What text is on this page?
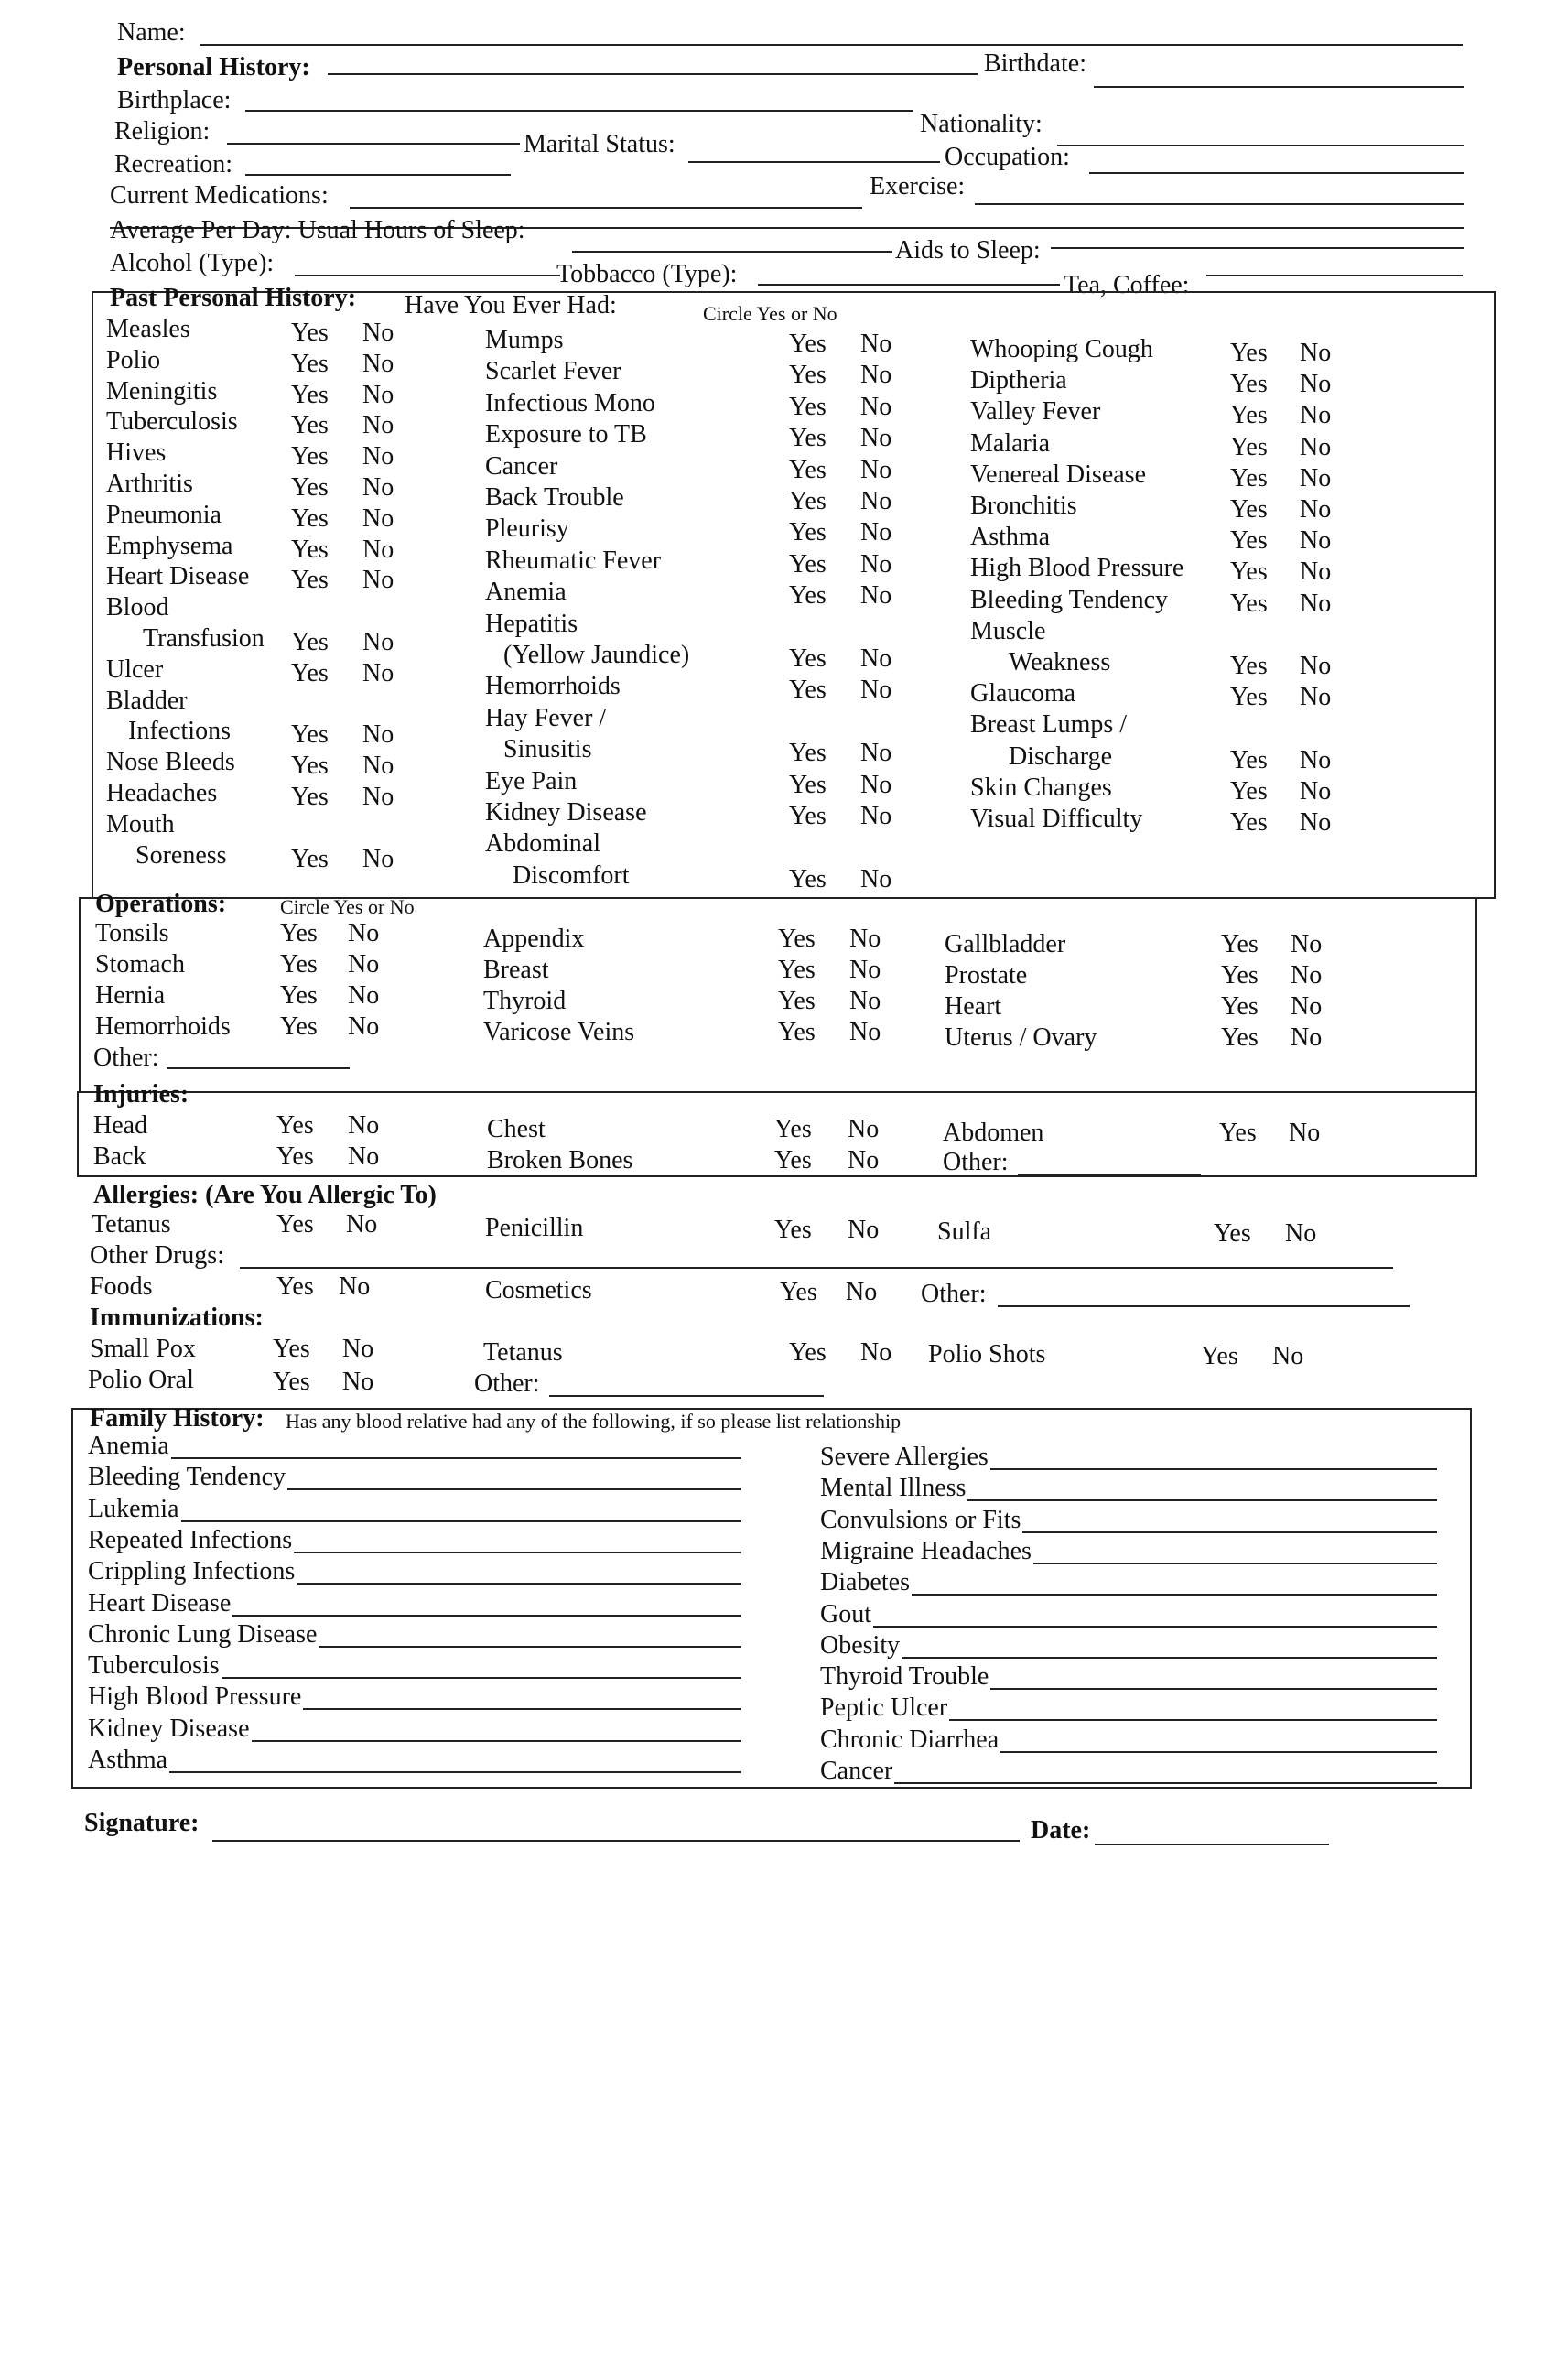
Name:
Personal History:	Birthdate:
Birthplace:
Nationality:
Religion:	Marital Status:
Recreation:	Occupation:
Exercise:
Current Medications:
Average Per Day: Usual Hours of Sleep:
Aids to Sleep:
Alcohol (Type):	Tobbacco (Type):	Tea, Coffee:
Past Personal History: Have You Ever Had:	Circle Yes or No
Measles	Yes No
Polio	Yes No
Meningitis	Yes No
Tuberculosis Yes No
Hives	Yes No
Arthritis	Yes No
Pneumonia	Yes No
Emphysema Yes No
Heart Disease Yes No
Blood
Transfusion Yes No
Ulcer	Yes No
Bladder
Infections Yes No
Nose Bleeds Yes No
Headaches	Yes No
Mouth
Soreness	Yes No
Mumps	Yes No
Scarlet Fever	Yes No
Infectious Mono	Yes No
Exposure to TB	Yes No
Cancer	Yes No
Back Trouble	Yes No
Pleurisy	Yes No
Rheumatic Fever	Yes No
Anemia	Yes No
Hepatitis
(Yellow Jaundice)	Yes No
Hemorrhoids	Yes No
Hay Fever /
Sinusitis	Yes No
Eye Pain	Yes No
Kidney Disease	Yes No
Abdominal
Discomfort	Yes No
Whooping Cough	Yes No
Diptheria	Yes No
Valley Fever	Yes No
Malaria	Yes No
Venereal Disease	Yes No
Bronchitis	Yes No
Asthma	Yes No
High Blood Pressure Yes No
Bleeding Tendency Yes No
Muscle
Weakness	Yes No
Glaucoma	Yes No
Breast Lumps /
Discharge	Yes No
Skin Changes	Yes No
Visual Difficulty	Yes No
Operations:	Circle Yes or No
Other:
Tonsils	Yes No
Stomach	Yes No
Hernia	Yes No
Hemorrhoids Yes No
Appendix	Yes No
Breast	Yes No
Thyroid	Yes No
Varicose Veins	Yes No
Gallbladder	Yes No
Prostate	Yes No
Heart	Yes No
Uterus / Ovary	Yes No
Injuries:
Other:
Head	Yes No
Back	Yes No
Chest	Yes No
Broken Bones	Yes No
Abdomen	Yes No
Allergies: (Are You Allergic To)
Tetanus	Yes No	Penicillin	Yes No Sulfa	Yes No
Other Drugs:
Foods	Yes No	Cosmetics	Yes No Other:
Immunizations:
Small Pox	Yes No	Tetanus	Yes No Polio Shots	Yes No
Polio Oral	Yes No	Other:
Family History: Has any blood relative had any of the following, if so please list relationship
Anemia
Bleeding Tendency
Lukemia
Repeated Infections
Crippling Infections
Heart Disease
Chronic Lung Disease
Tuberculosis
High Blood Pressure
Kidney Disease
Asthma
Severe Allergies
Mental Illness
Convulsions or Fits
Migraine Headaches
Diabetes
Gout
Obesity
Thyroid Trouble
Peptic Ulcer
Chronic Diarrhea
Cancer
Signature:	Date:
